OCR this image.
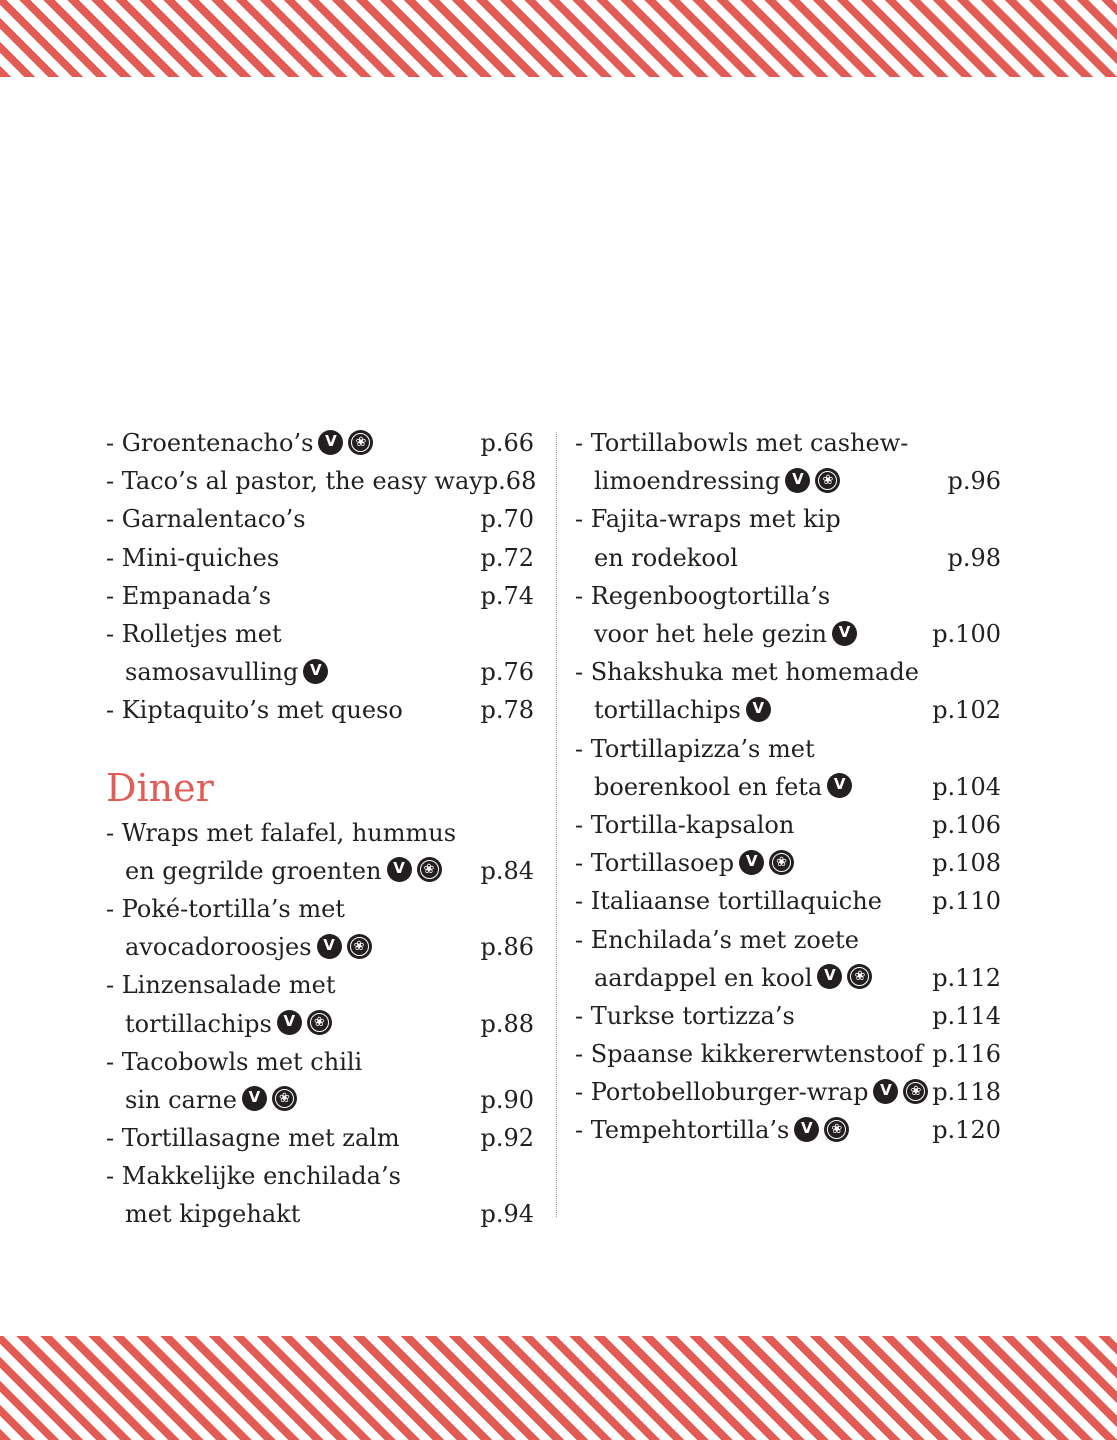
- Groentenacho’s V	❀	p.66
- Taco’s al pastor, the easy way p.68
- Garnalentaco’s	p.70
- Mini-quiches	p.72
- Empanada’s	p.74
- Rolletjes met
samosavulling V	p.76
- Kiptaquito’s met queso	p.78
Diner
- Wraps met falafel, hummus
en gegrilde groenten V	❀ p.84
- Poké-tortilla’s met
avocadoroosjes V	❀	p.86
- Linzensalade met
tortillachips V	❀	p.88
- Tacobowls met chili
sin carne V	❀	p.90
- Tortillasagne met zalm	p.92
- Makkelijke enchilada’s
met kipgehakt	p.94
- Tortillabowls met cashew-
limoendressing V	❀	p.96
- Fajita-wraps met kip
en rodekool	p.98
- Regenboogtortilla’s
voor het hele gezin V	p.100
- Shakshuka met homemade
tortillachips V	p.102
- Tortillapizza’s met
boerenkool en feta V	p.104
- Tortilla-kapsalon	p.106
- Tortillasoep V	❀	p.108
- Italiaanse tortillaquiche p.110
- Enchilada’s met zoete
aardappel en kool V	❀	p.112
- Turkse tortizza’s	p.114
- Spaanse kikkererwtenstoof p.116
- Portobelloburger-wrap V	❀ p.118
- Tempehtortilla’s V	❀	p.120
